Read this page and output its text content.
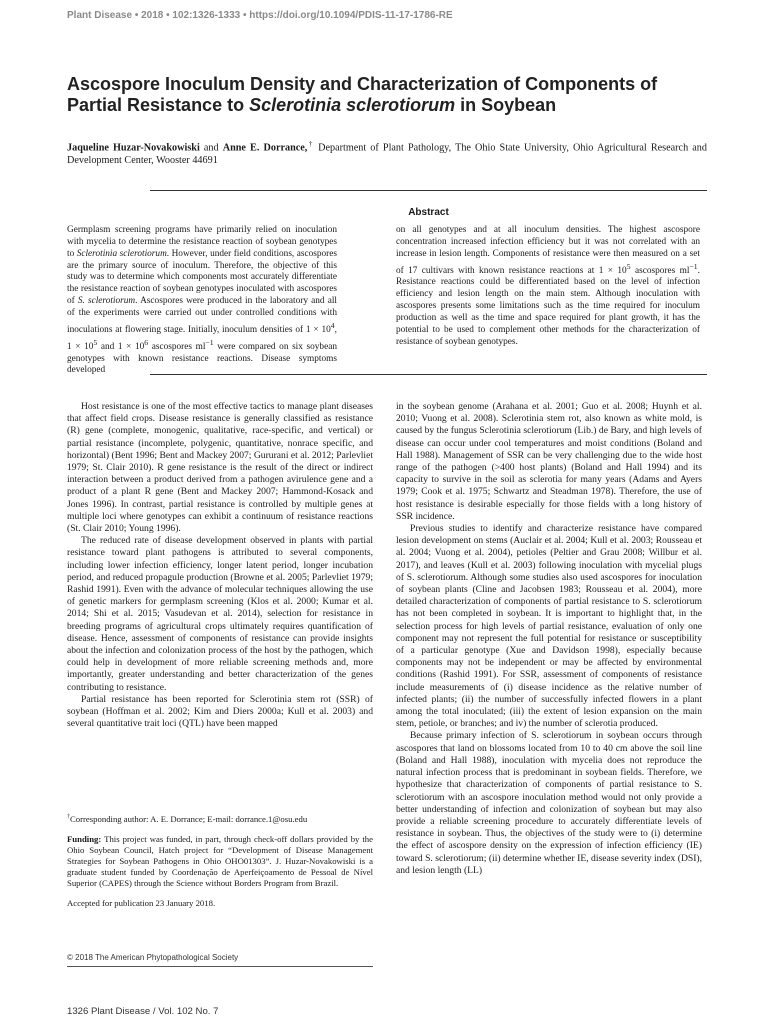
Plant Disease • 2018 • 102:1326-1333 • https://doi.org/10.1094/PDIS-11-17-1786-RE
Ascospore Inoculum Density and Characterization of Components of Partial Resistance to Sclerotinia sclerotiorum in Soybean
Jaqueline Huzar-Novakowiski and Anne E. Dorrance,† Department of Plant Pathology, The Ohio State University, Ohio Agricultural Research and Development Center, Wooster 44691
Abstract
Germplasm screening programs have primarily relied on inoculation with mycelia to determine the resistance reaction of soybean genotypes to Sclerotinia sclerotiorum. However, under field conditions, ascospores are the primary source of inoculum. Therefore, the objective of this study was to determine which components most accurately differentiate the resistance reaction of soybean genotypes inoculated with ascospores of S. sclerotiorum. Ascospores were produced in the laboratory and all of the experiments were carried out under controlled conditions with inoculations at flowering stage. Initially, inoculum densities of $1 \times 10^4$, $1 \times 10^5$ and $1 \times 10^6$ ascospores $ml^{-1}$ were compared on six soybean genotypes with known resistance reactions. Disease symptoms developed
on all genotypes and at all inoculum densities. The highest ascospore concentration increased infection efficiency but it was not correlated with an increase in lesion length. Components of resistance were then measured on a set of 17 cultivars with known resistance reactions at $1 \times 10^5$ ascospores $ml^{-1}$. Resistance reactions could be differentiated based on the level of infection efficiency and lesion length on the main stem. Although inoculation with ascospores presents some limitations such as the time required for inoculum production as well as the time and space required for plant growth, it has the potential to be used to complement other methods for the characterization of resistance of soybean genotypes.

Host resistance is one of the most effective tactics to manage plant diseases that affect field crops. Disease resistance is generally classified as resistance (R) gene (complete, monogenic, qualitative, race-specific, and vertical) or partial resistance (incomplete, polygenic, quantitative, nonrace specific, and horizontal) (Bent 1996; Bent and Mackey 2007; Gururani et al. 2012; Parlevliet 1979; St. Clair 2010). R gene resistance is the result of the direct or indirect interaction between a product derived from a pathogen avirulence gene and a product of a plant R gene (Bent and Mackey 2007; Hammond-Kosack and Jones 1996). In contrast, partial resistance is controlled by multiple genes at multiple loci where genotypes can exhibit a continuum of resistance reactions (St. Clair 2010; Young 1996).

The reduced rate of disease development observed in plants with partial resistance toward plant pathogens is attributed to several components, including lower infection efficiency, longer latent period, longer incubation period, and reduced propagule production (Browne et al. 2005; Parlevliet 1979; Rashid 1991). Even with the advance of molecular techniques allowing the use of genetic markers for germplasm screening (Klos et al. 2000; Kumar et al. 2014; Shi et al. 2015; Vasudevan et al. 2014), selection for resistance in breeding programs of agricultural crops ultimately requires quantification of disease. Hence, assessment of components of resistance can provide insights about the infection and colonization process of the host by the pathogen, which could help in development of more reliable screening methods and, more importantly, greater understanding and better characterization of the genes contributing to resistance.

Partial resistance has been reported for Sclerotinia stem rot (SSR) of soybean (Hoffman et al. 2002; Kim and Diers 2000a; Kull et al. 2003) and several quantitative trait loci (QTL) have been mapped

†Corresponding author: A. E. Dorrance; E-mail: dorrance.1@osu.edu

Funding: This project was funded, in part, through check-off dollars provided by the Ohio Soybean Council, Hatch project for “Development of Disease Management Strategies for Soybean Pathogens in Ohio OHO01303”. J. Huzar-Novakowiski is a graduate student funded by Coordenação de Aperfeiçoamento de Pessoal de Nível Superior (CAPES) through the Science without Borders Program from Brazil.

Accepted for publication 23 January 2018.

© 2018 The American Phytopathological Society

in the soybean genome (Arahana et al. 2001; Guo et al. 2008; Huynh et al. 2010; Vuong et al. 2008). Sclerotinia stem rot, also known as white mold, is caused by the fungus Sclerotinia sclerotiorum (Lib.) de Bary, and high levels of disease can occur under cool temperatures and moist conditions (Boland and Hall 1988). Management of SSR can be very challenging due to the wide host range of the pathogen (>400 host plants) (Boland and Hall 1994) and its capacity to survive in the soil as sclerotia for many years (Adams and Ayers 1979; Cook et al. 1975; Schwartz and Steadman 1978). Therefore, the use of host resistance is desirable especially for those fields with a long history of SSR incidence.

Previous studies to identify and characterize resistance have compared lesion development on stems (Auclair et al. 2004; Kull et al. 2003; Rousseau et al. 2004; Vuong et al. 2004), petioles (Peltier and Grau 2008; Willbur et al. 2017), and leaves (Kull et al. 2003) following inoculation with mycelial plugs of S. sclerotiorum. Although some studies also used ascospores for inoculation of soybean plants (Cline and Jacobsen 1983; Rousseau et al. 2004), more detailed characterization of components of partial resistance to S. sclerotiorum has not been completed in soybean. It is important to highlight that, in the selection process for high levels of partial resistance, evaluation of only one component may not represent the full potential for resistance or susceptibility of a particular genotype (Xue and Davidson 1998), especially because components may not be independent or may be affected by environmental conditions (Rashid 1991). For SSR, assessment of components of resistance include measurements of (i) disease incidence as the relative number of infected plants; (ii) the number of successfully infected flowers in a plant among the total inoculated; (iii) the extent of lesion expansion on the main stem, petiole, or branches; and iv) the number of sclerotia produced.

Because primary infection of S. sclerotiorum in soybean occurs through ascospores that land on blossoms located from 10 to 40 cm above the soil line (Boland and Hall 1988), inoculation with mycelia does not reproduce the natural infection process that is predominant in soybean fields. Therefore, we hypothesize that characterization of components of partial resistance to S. sclerotiorum with an ascospore inoculation method would not only provide a better understanding of infection and colonization of soybean but may also provide a reliable screening procedure to accurately differentiate levels of resistance in soybean. Thus, the objectives of the study were to (i) determine the effect of ascospore density on the expression of infection efficiency (IE) toward S. sclerotiorum; (ii) determine whether IE, disease severity index (DSI), and lesion length (LL)

1326 Plant Disease / Vol. 102 No. 7
